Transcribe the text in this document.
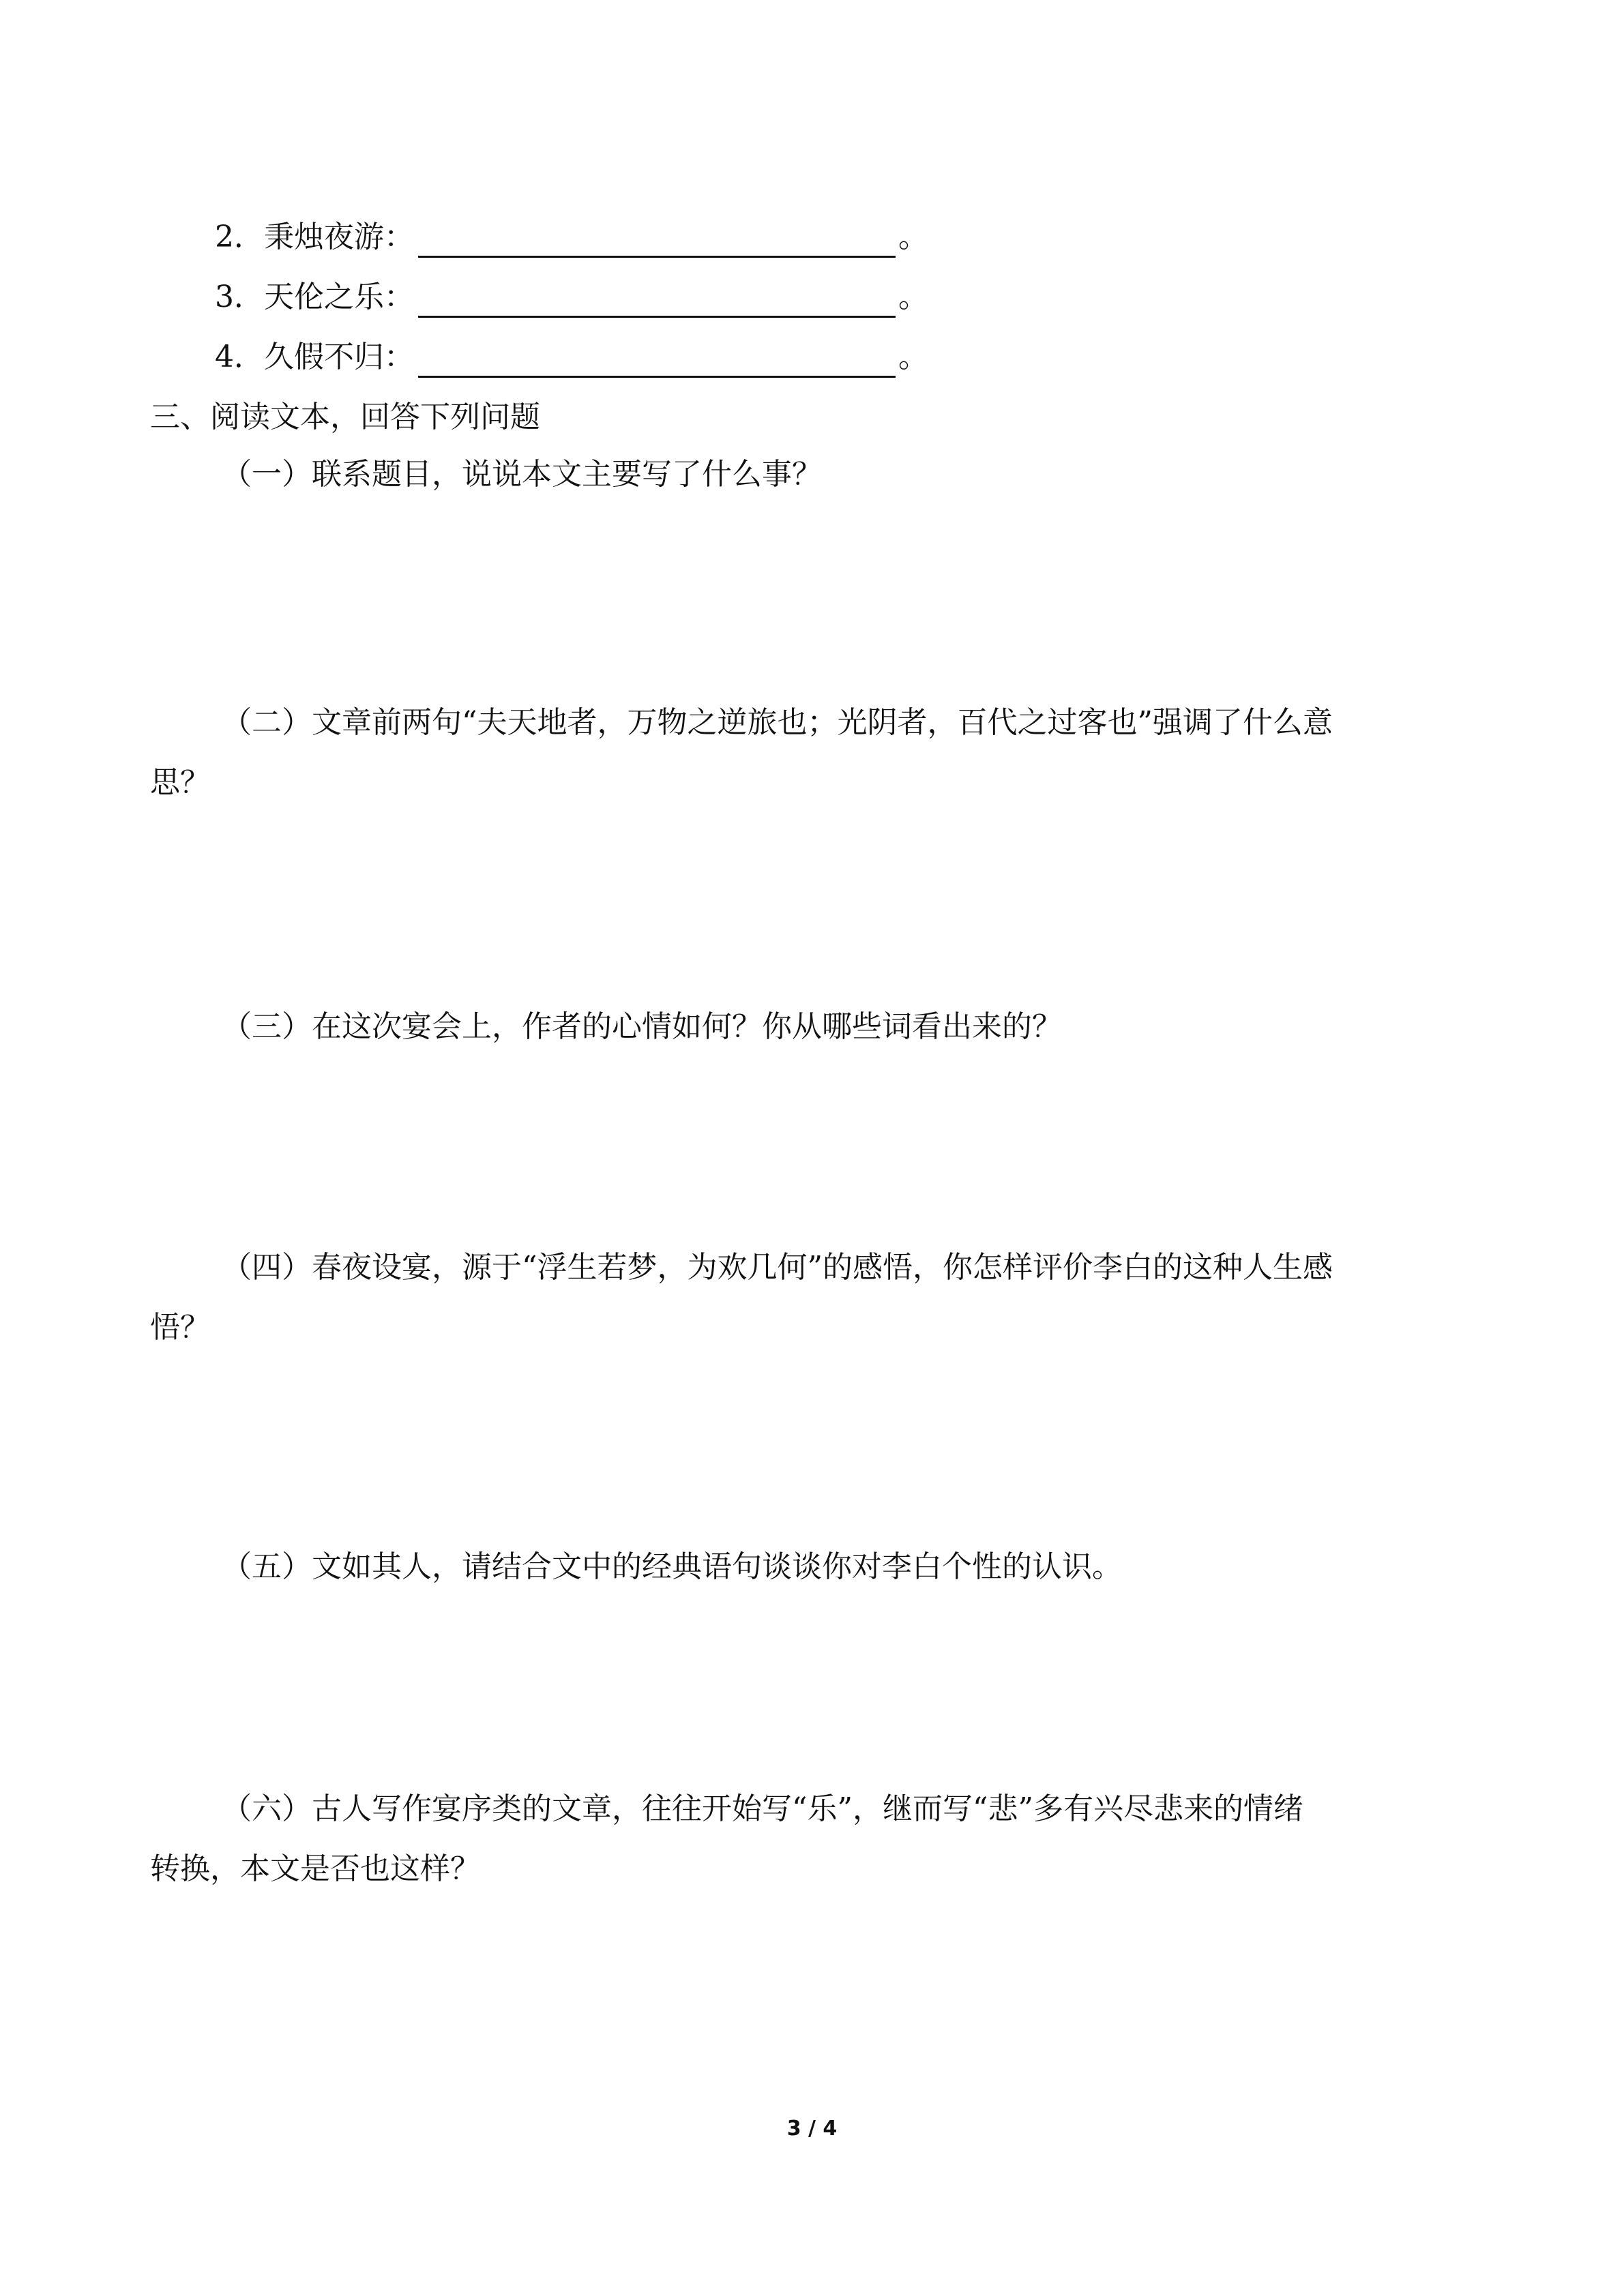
2．秉烛夜游：	。
3．天伦之乐：	。
4．久假不归：	。
三、阅读文本，回答下列问题
（一）联系题目，说说本文主要写了什么事？
（二）文章前两句“夫天地者，万物之逆旅也；光阴者，百代之过客也”强调了什么意
思？
（三）在这次宴会上，作者的心情如何？你从哪些词看出来的？
（四）春夜设宴，源于“浮生若梦，为欢几何”的感悟，你怎样评价李白的这种人生感
悟？
（五）文如其人，请结合文中的经典语句谈谈你对李白个性的认识。
（六）古人写作宴序类的文章，往往开始写“乐”，继而写“悲”多有兴尽悲来的情绪
转换，本文是否也这样？
3 / 4
